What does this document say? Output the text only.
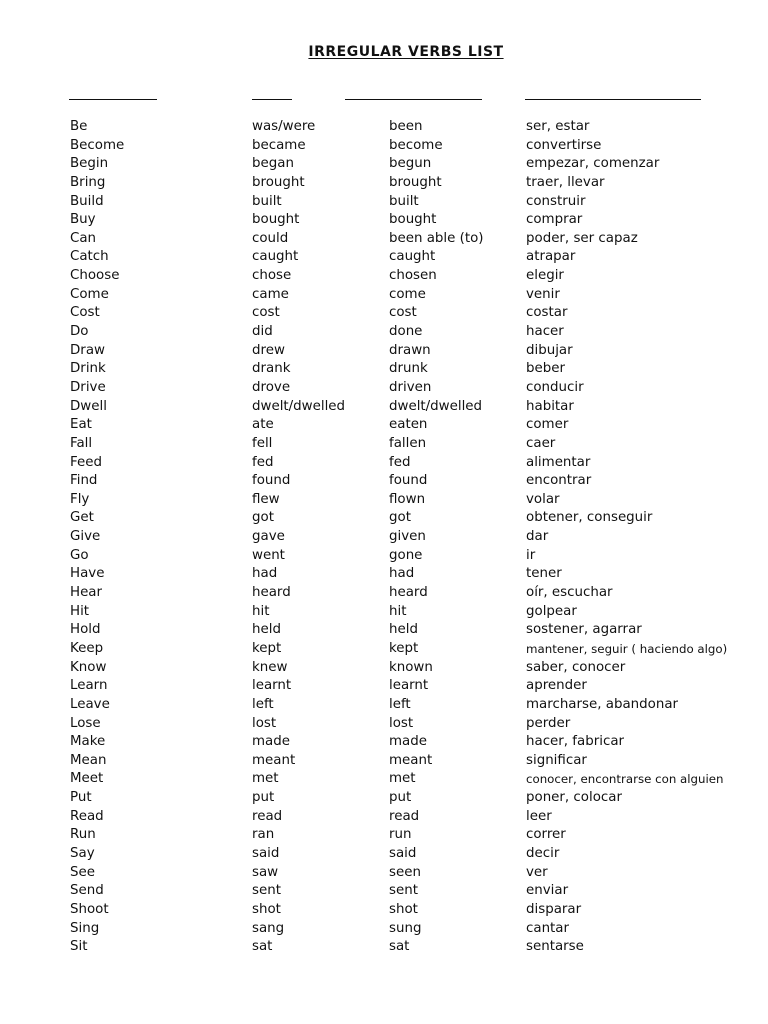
IRREGULAR VERBS LIST
Be	was/were	been	ser, estar
Become	became	become	convertirse
Begin	began	begun	empezar, comenzar
Bring	brought	brought	traer, llevar
Build	built	built	construir
Buy	bought	bought	comprar
Can	could	been able (to)	poder, ser capaz
Catch	caught	caught	atrapar
Choose	chose	chosen	elegir
Come	came	come	venir
Cost	cost	cost	costar
Do	did	done	hacer
Draw	drew	drawn	dibujar
Drink	drank	drunk	beber
Drive	drove	driven	conducir
Dwell	dwelt/dwelled	dwelt/dwelled	habitar
Eat	ate	eaten	comer
Fall	fell	fallen	caer
Feed	fed	fed	alimentar
Find	found	found	encontrar
Fly	flew	flown	volar
Get	got	got	obtener, conseguir
Give	gave	given	dar
Go	went	gone	ir
Have	had	had	tener
Hear	heard	heard	oír, escuchar
Hit	hit	hit	golpear
Hold	held	held	sostener, agarrar
Keep	kept	kept	mantener, seguir ( haciendo algo)
Know	knew	known	saber, conocer
Learn	learnt	learnt	aprender
Leave	left	left	marcharse, abandonar
Lose	lost	lost	perder
Make	made	made	hacer, fabricar
Mean	meant	meant	significar
Meet	met	met	conocer, encontrarse con alguien
Put	put	put	poner, colocar
Read	read	read	leer
Run	ran	run	correr
Say	said	said	decir
See	saw	seen	ver
Send	sent	sent	enviar
Shoot	shot	shot	disparar
Sing	sang	sung	cantar
Sit	sat	sat	sentarse
